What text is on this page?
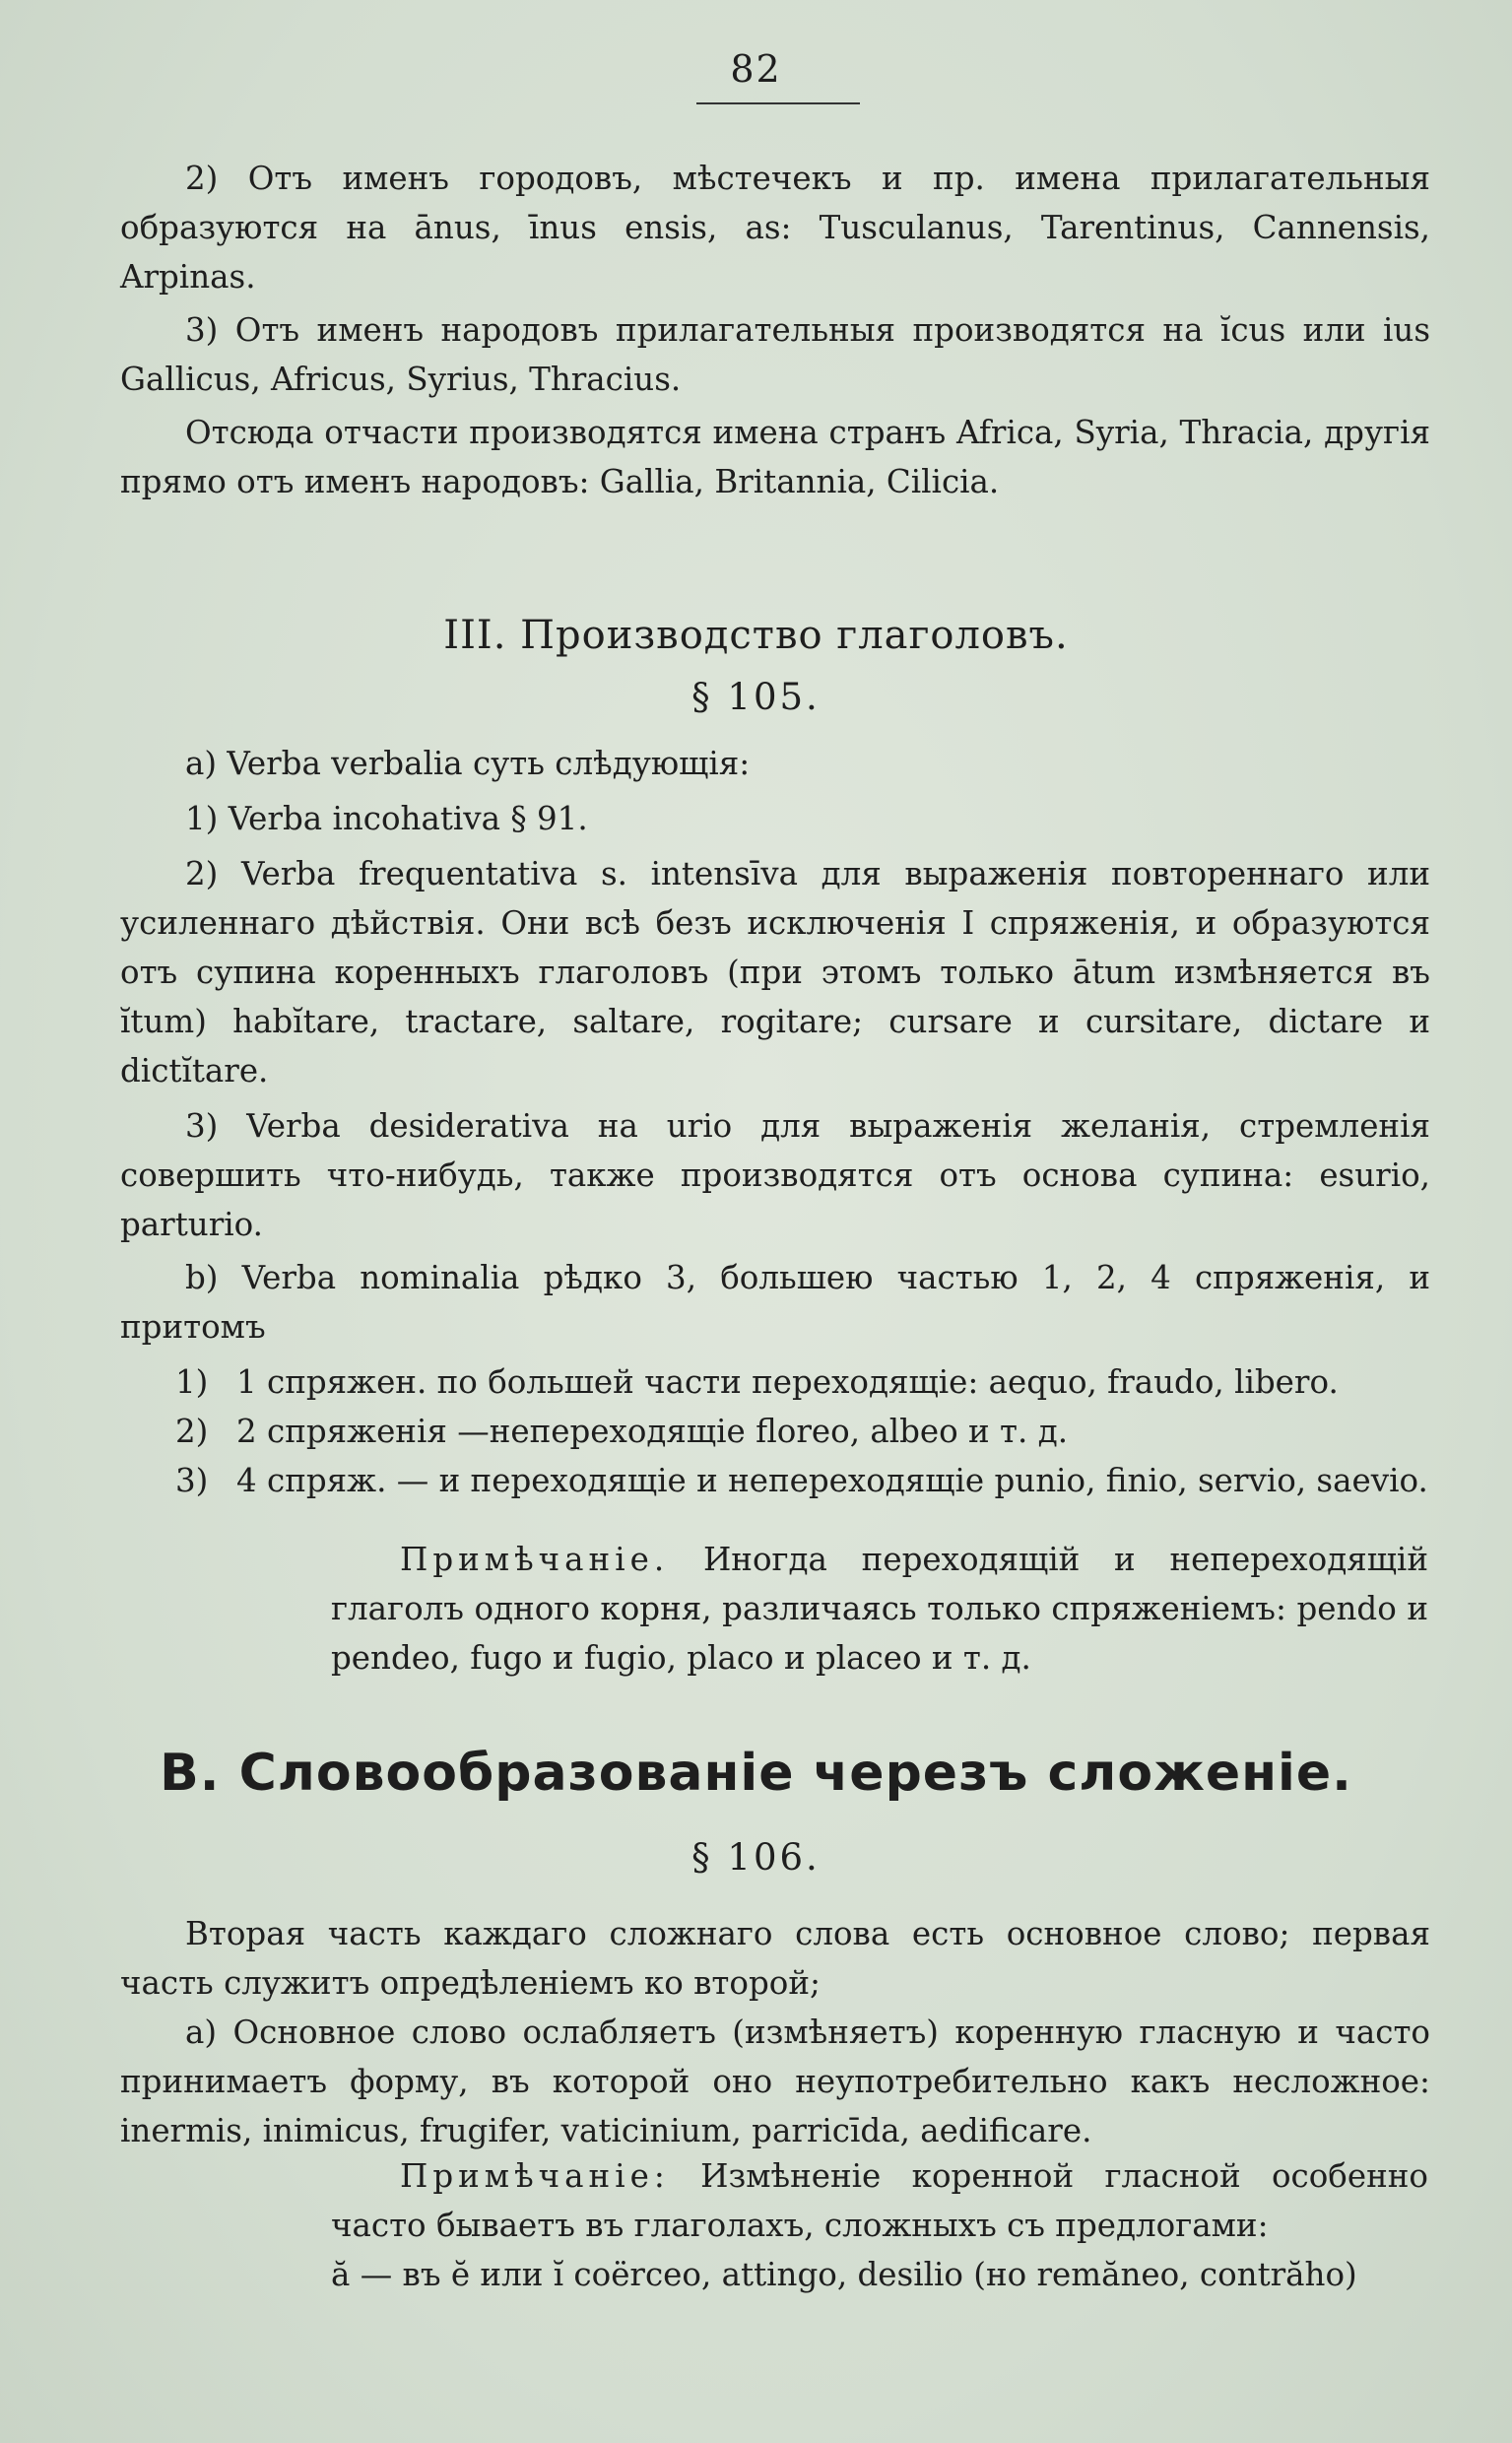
82

2) Отъ именъ городовъ, мѣстечекъ и пр. имена прилагательныя образуются на ānus, īnus ensis, as: Tusculanus, Tarentinus, Cannensis, Arpinas.

3) Отъ именъ народовъ прилагательныя производятся на ĭcus или ius Gallicus, Africus, Syrius, Thracius.

Отсюда отчасти производятся имена странъ Africa, Syria, Thracia, другія прямо отъ именъ народовъ: Gallia, Britannia, Cilicia.

III. Производство глаголовъ.
§ 105.

a) Verba verbalia суть слѣдующія:

1) Verba incohativa § 91.

2) Verba frequentativa s. intensīva для выраженія повтореннаго или усиленнаго дѣйствія. Они всѣ безъ исключенія I спряженія, и образуются отъ супина коренныхъ глаголовъ (при этомъ только ātum измѣняется въ ĭtum) habĭtare, tractare, saltare, rogitare; cursare и cursitare, dictare и dictĭtare.

3) Verba desiderativa на urio для выраженія желанія, стремленія совершить что-нибудь, также производятся отъ основа супина: esurio, parturio.

b) Verba nominalia рѣдко 3, большею частью 1, 2, 4 спряженія, и притомъ

1) 1 спряжен. по большей части переходящіе: aequo, fraudo, libero.
2) 2 спряженія —непереходящіе floreo, albeo и т. д.
3) 4 спряж. — и переходящіе и непереходящіе punio, finio, servio, saevio.

Примѣчаніе. Иногда переходящій и непереходящій глаголъ одного корня, различаясь только спряженіемъ: pendo и pendeo, fugo и fugio, placo и placeo и т. д.

B. Словообразованіе черезъ сложеніе.
§ 106.

Вторая часть каждаго сложнаго слова есть основное слово; первая часть служитъ опредѣленіемъ ко второй;

a) Основное слово ослабляетъ (измѣняетъ) коренную гласную и часто принимаетъ форму, въ которой оно неупотребительно какъ несложное: inermis, inimicus, frugifer, vaticinium, parricīda, aedificare.

Примѣчаніе: Измѣненіе коренной гласной особенно часто бываетъ въ глаголахъ, сложныхъ съ предлогами:

ă — въ ĕ или ĭ coërceo, attingo, desilio (но remăneo, contrăho)
